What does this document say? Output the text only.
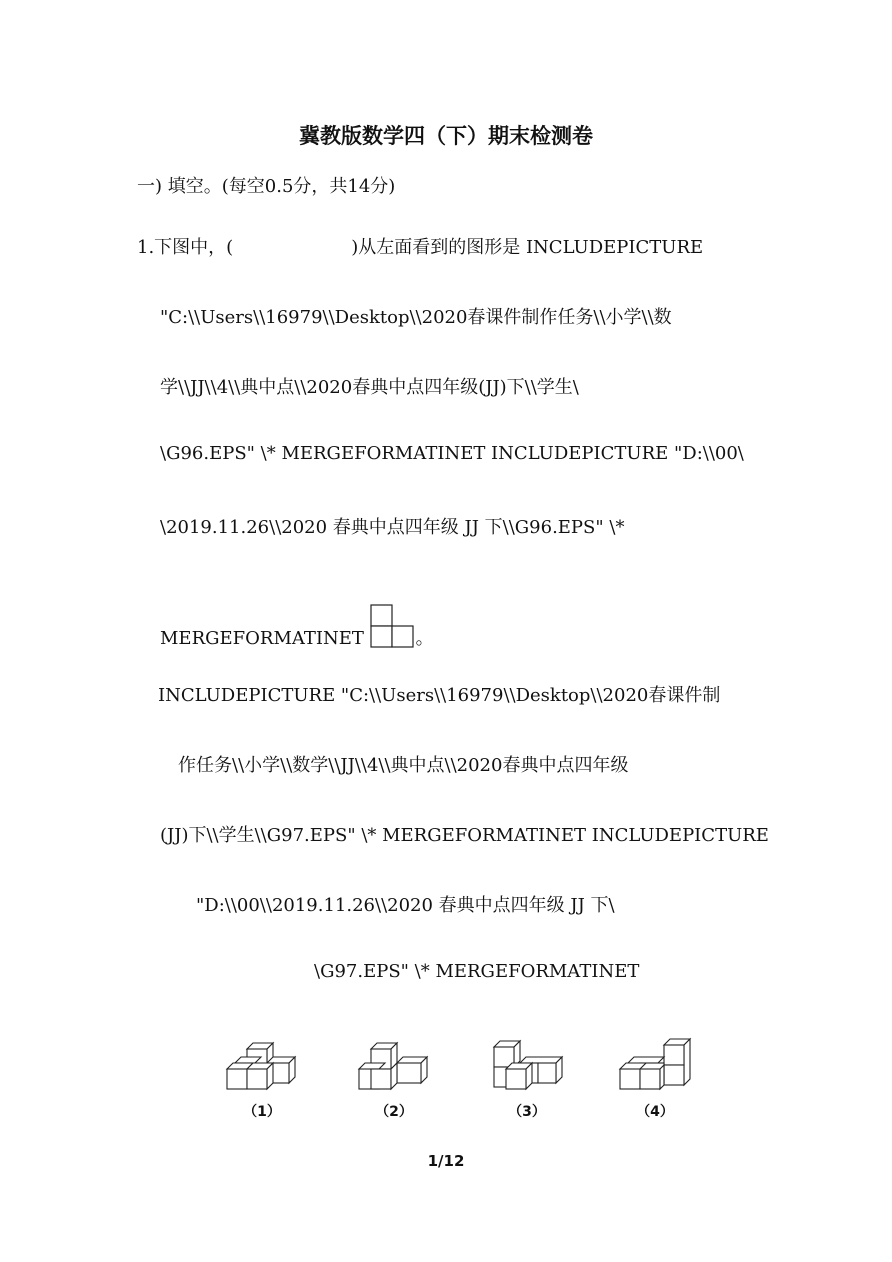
冀教版数学四（下）期末检测卷
一) 填空。(每空0.5分，共14分)
1.下图中，(	)从左面看到的图形是 INCLUDEPICTURE
"C:\\Users\\16979\\Desktop\\2020春课件制作任务\\小学\\数
学\\JJ\\4\\典中点\\2020春典中点四年级(JJ)下\\学生\
\G96.EPS" \* MERGEFORMATINET INCLUDEPICTURE "D:\\00\
\2019.11.26\\2020 春典中点四年级 JJ 下\\G96.EPS" \*
MERGEFORMATINET	。
INCLUDEPICTURE "C:\\Users\\16979\\Desktop\\2020春课件制
作任务\\小学\\数学\\JJ\\4\\典中点\\2020春典中点四年级
(JJ)下\\学生\\G97.EPS" \* MERGEFORMATINET INCLUDEPICTURE
"D:\\00\\2019.11.26\\2020 春典中点四年级 JJ 下\
\G97.EPS" \* MERGEFORMATINET
（1）	（2）	（3）	（4）
1/12
